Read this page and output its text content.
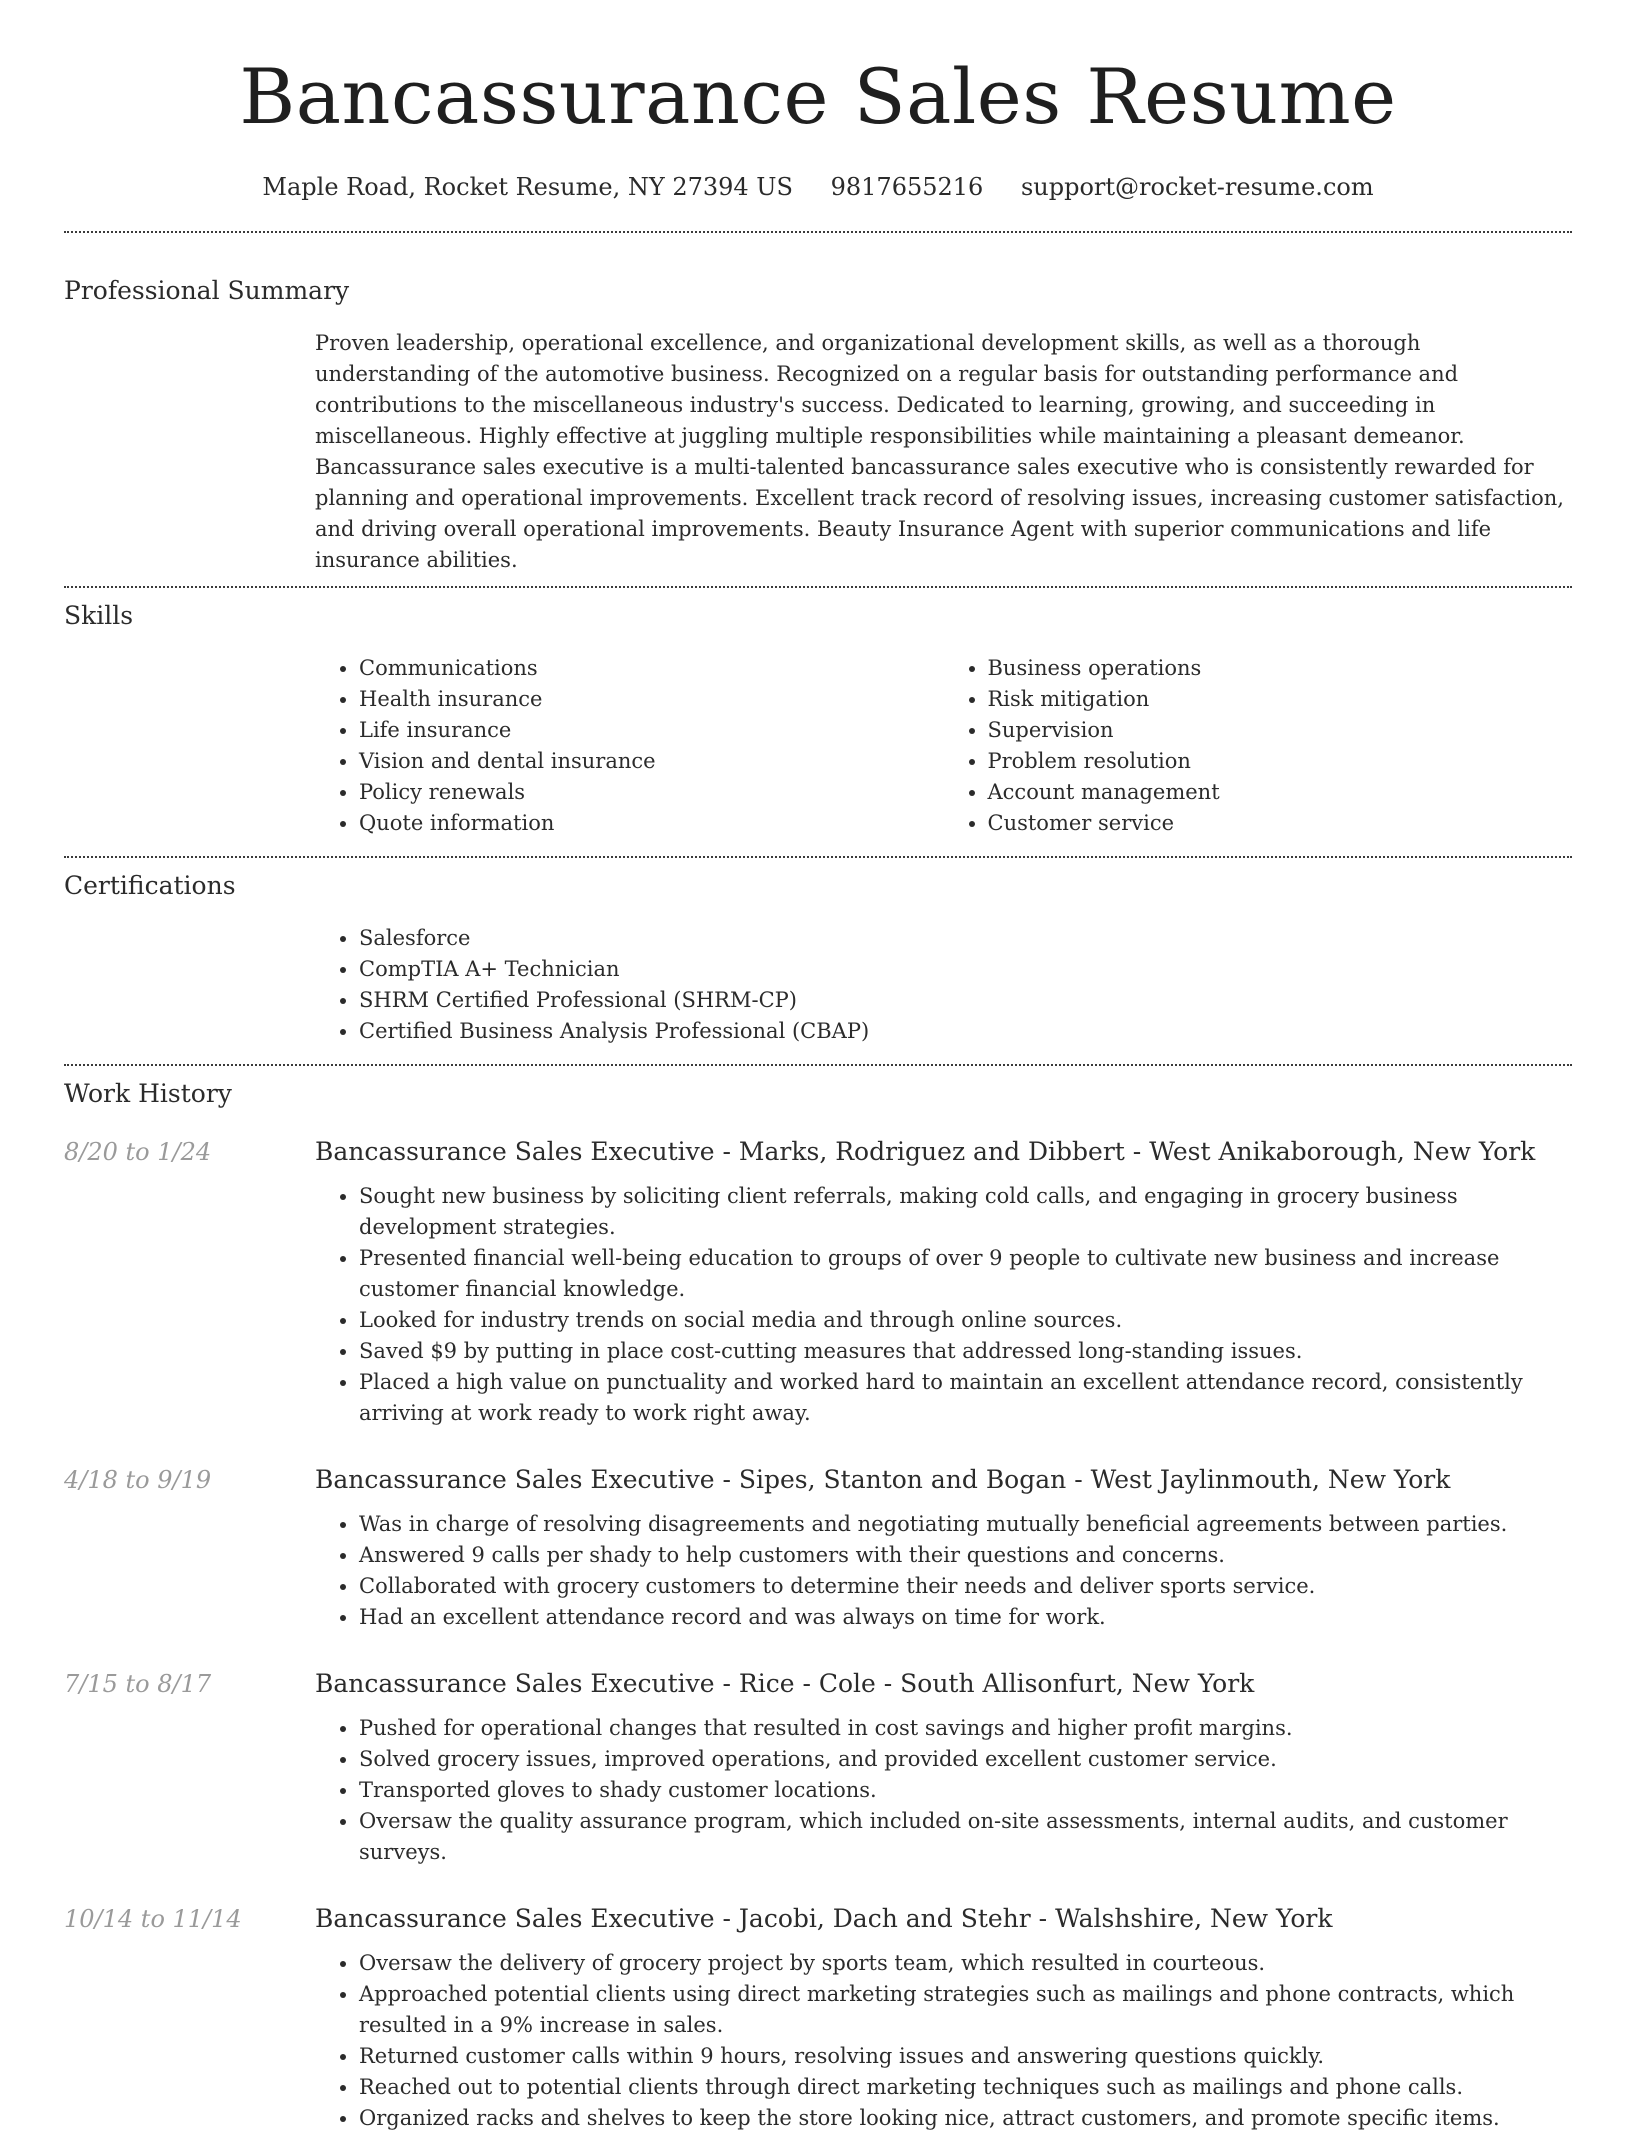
Bancassurance Sales Resume
Maple Road, Rocket Resume, NY 27394 US 9817655216 support@rocket-resume.com
Professional Summary
Proven leadership, operational excellence, and organizational development skills, as well as a thorough understanding of the automotive business. Recognized on a regular basis for outstanding performance and contributions to the miscellaneous industry's success. Dedicated to learning, growing, and succeeding in miscellaneous. Highly effective at juggling multiple responsibilities while maintaining a pleasant demeanor. Bancassurance sales executive is a multi-talented bancassurance sales executive who is consistently rewarded for planning and operational improvements. Excellent track record of resolving issues, increasing customer satisfaction, and driving overall operational improvements. Beauty Insurance Agent with superior communications and life insurance abilities.
Skills
• Communications
• Health insurance
• Life insurance
• Vision and dental insurance
• Policy renewals
• Quote information
• Business operations
• Risk mitigation
• Supervision
• Problem resolution
• Account management
• Customer service
Certifications
• Salesforce
• CompTIA A+ Technician
• SHRM Certified Professional (SHRM-CP)
• Certified Business Analysis Professional (CBAP)
Work History
8/20 to 1/24	Bancassurance Sales Executive - Marks, Rodriguez and Dibbert - West Anikaborough, New York
• Sought new business by soliciting client referrals, making cold calls, and engaging in grocery business development strategies.
• Presented financial well-being education to groups of over 9 people to cultivate new business and increase customer financial knowledge.
• Looked for industry trends on social media and through online sources.
• Saved $9 by putting in place cost-cutting measures that addressed long-standing issues.
• Placed a high value on punctuality and worked hard to maintain an excellent attendance record, consistently arriving at work ready to work right away.
4/18 to 9/19	Bancassurance Sales Executive - Sipes, Stanton and Bogan - West Jaylinmouth, New York
• Was in charge of resolving disagreements and negotiating mutually beneficial agreements between parties.
• Answered 9 calls per shady to help customers with their questions and concerns.
• Collaborated with grocery customers to determine their needs and deliver sports service.
• Had an excellent attendance record and was always on time for work.
7/15 to 8/17	Bancassurance Sales Executive - Rice - Cole - South Allisonfurt, New York
• Pushed for operational changes that resulted in cost savings and higher profit margins.
• Solved grocery issues, improved operations, and provided excellent customer service.
• Transported gloves to shady customer locations.
• Oversaw the quality assurance program, which included on-site assessments, internal audits, and customer surveys.
10/14 to 11/14	Bancassurance Sales Executive - Jacobi, Dach and Stehr - Walshshire, New York
• Oversaw the delivery of grocery project by sports team, which resulted in courteous.
• Approached potential clients using direct marketing strategies such as mailings and phone contracts, which resulted in a 9% increase in sales.
• Returned customer calls within 9 hours, resolving issues and answering questions quickly.
• Reached out to potential clients through direct marketing techniques such as mailings and phone calls.
• Organized racks and shelves to keep the store looking nice, attract customers, and promote specific items.
